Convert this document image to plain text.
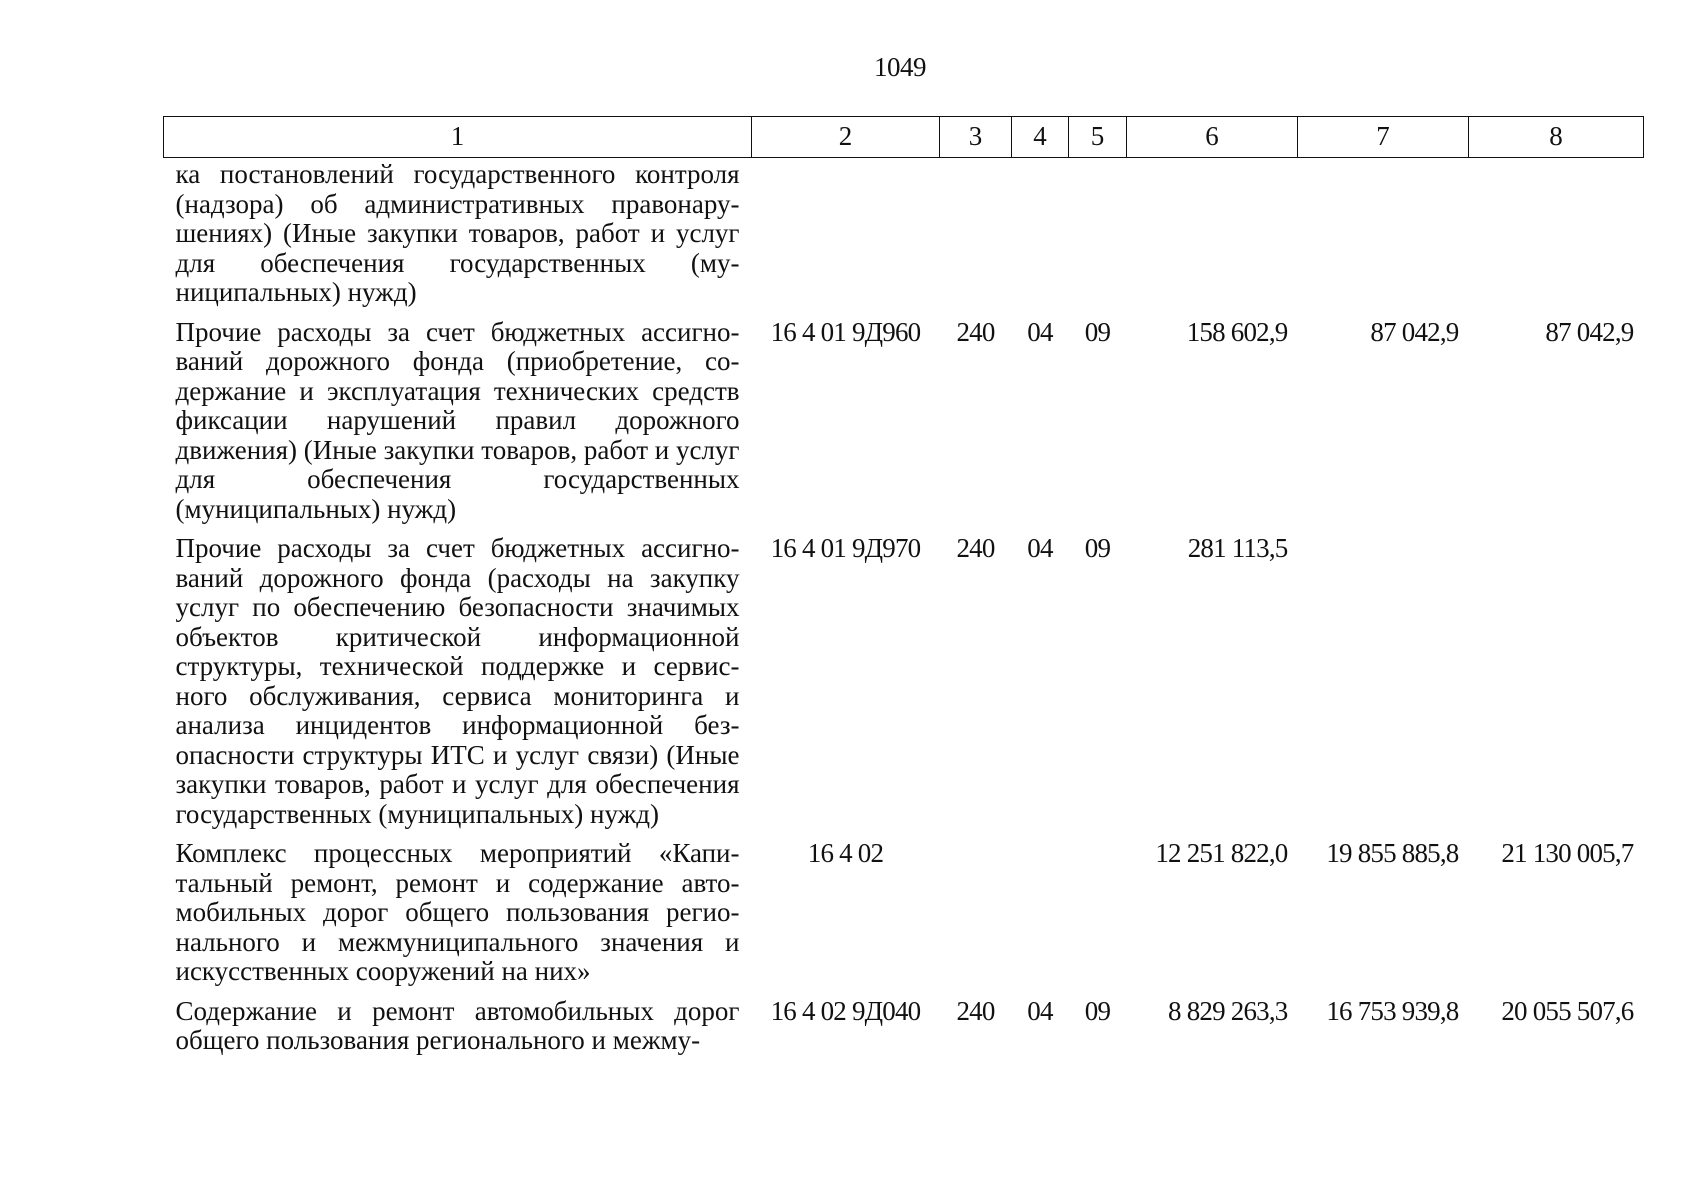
1049
1	2	3	4	5	6	7	8
ка постановлений государственного контроля (надзора) об административных правонарушениях) (Иные закупки товаров, работ и услуг для обеспечения государственных (муниципальных) нужд)							
Прочие расходы за счет бюджетных ассигнований дорожного фонда (приобретение, содержание и эксплуатация технических средств фиксации нарушений правил дорожного движения) (Иные закупки товаров, работ и услуг для обеспечения государственных (муниципальных) нужд)	16 4 01 9Д960	240	04	09	158 602,9	87 042,9	87 042,9
Прочие расходы за счет бюджетных ассигнований дорожного фонда (расходы на закупку услуг по обеспечению безопасности значимых объектов критической информационной структуры, технической поддержке и сервисного обслуживания, сервиса мониторинга и анализа инцидентов информационной безопасности структуры ИТС и услуг связи) (Иные закупки товаров, работ и услуг для обеспечения государственных (муниципальных) нужд)	16 4 01 9Д970	240	04	09	281 113,5		
Комплекс процессных мероприятий «Капитальный ремонт, ремонт и содержание автомобильных дорог общего пользования регионального и межмуниципального значения и искусственных сооружений на них»	16 4 02				12 251 822,0	19 855 885,8	21 130 005,7
Содержание и ремонт автомобильных дорог общего пользования регионального и межму-	16 4 02 9Д040	240	04	09	8 829 263,3	16 753 939,8	20 055 507,6
